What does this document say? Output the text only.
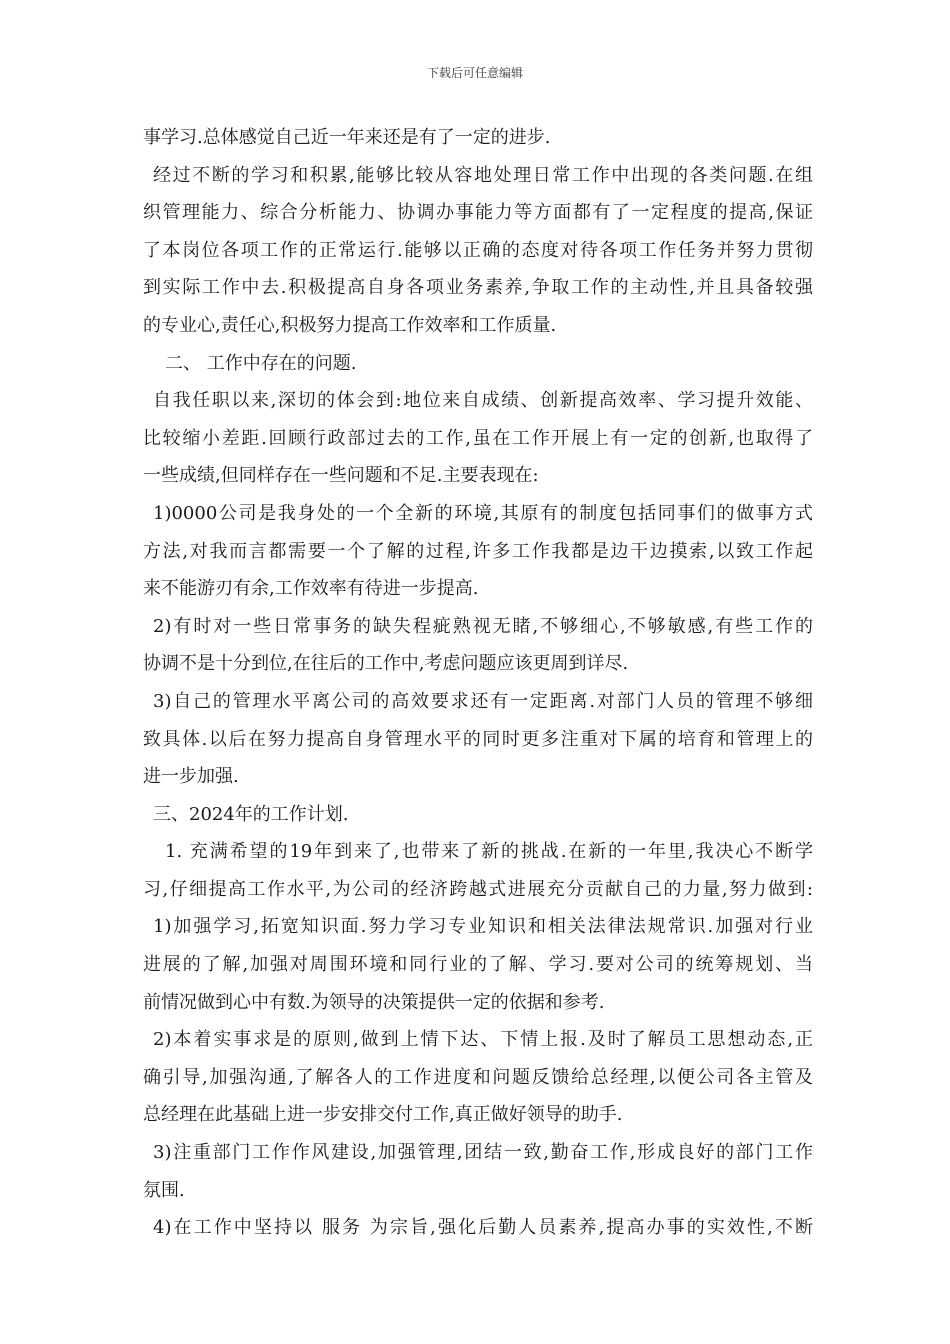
下载后可任意编辑
事学习.总体感觉自己近一年来还是有了一定的进步.
经过不断的学习和积累,能够比较从容地处理日常工作中出现的各类问题.在组
织管理能力、综合分析能力、协调办事能力等方面都有了一定程度的提高,保证
了本岗位各项工作的正常运行.能够以正确的态度对待各项工作任务并努力贯彻
到实际工作中去.积极提高自身各项业务素养,争取工作的主动性,并且具备较强
的专业心,责任心,积极努力提高工作效率和工作质量.
二、 工作中存在的问题.
自我任职以来,深切的体会到:地位来自成绩、创新提高效率、学习提升效能、
比较缩小差距.回顾行政部过去的工作,虽在工作开展上有一定的创新,也取得了
一些成绩,但同样存在一些问题和不足.主要表现在:
1)0000公司是我身处的一个全新的环境,其原有的制度包括同事们的做事方式
方法,对我而言都需要一个了解的过程,许多工作我都是边干边摸索,以致工作起
来不能游刃有余,工作效率有待进一步提高.
2)有时对一些日常事务的缺失程疵熟视无睹,不够细心,不够敏感,有些工作的
协调不是十分到位,在往后的工作中,考虑问题应该更周到详尽.
3)自己的管理水平离公司的高效要求还有一定距离.对部门人员的管理不够细
致具体.以后在努力提高自身管理水平的同时更多注重对下属的培育和管理上的
进一步加强.
三、2024年的工作计划.
1. 充满希望的19年到来了,也带来了新的挑战.在新的一年里,我决心不断学
习,仔细提高工作水平,为公司的经济跨越式进展充分贡献自己的力量,努力做到:
1)加强学习,拓宽知识面.努力学习专业知识和相关法律法规常识.加强对行业
进展的了解,加强对周围环境和同行业的了解、学习.要对公司的统筹规划、当
前情况做到心中有数.为领导的决策提供一定的依据和参考.
2)本着实事求是的原则,做到上情下达、下情上报.及时了解员工思想动态,正
确引导,加强沟通,了解各人的工作进度和问题反馈给总经理,以便公司各主管及
总经理在此基础上进一步安排交付工作,真正做好领导的助手.
3)注重部门工作作风建设,加强管理,团结一致,勤奋工作,形成良好的部门工作
氛围.
4)在工作中坚持以 服务 为宗旨,强化后勤人员素养,提高办事的实效性,不断
